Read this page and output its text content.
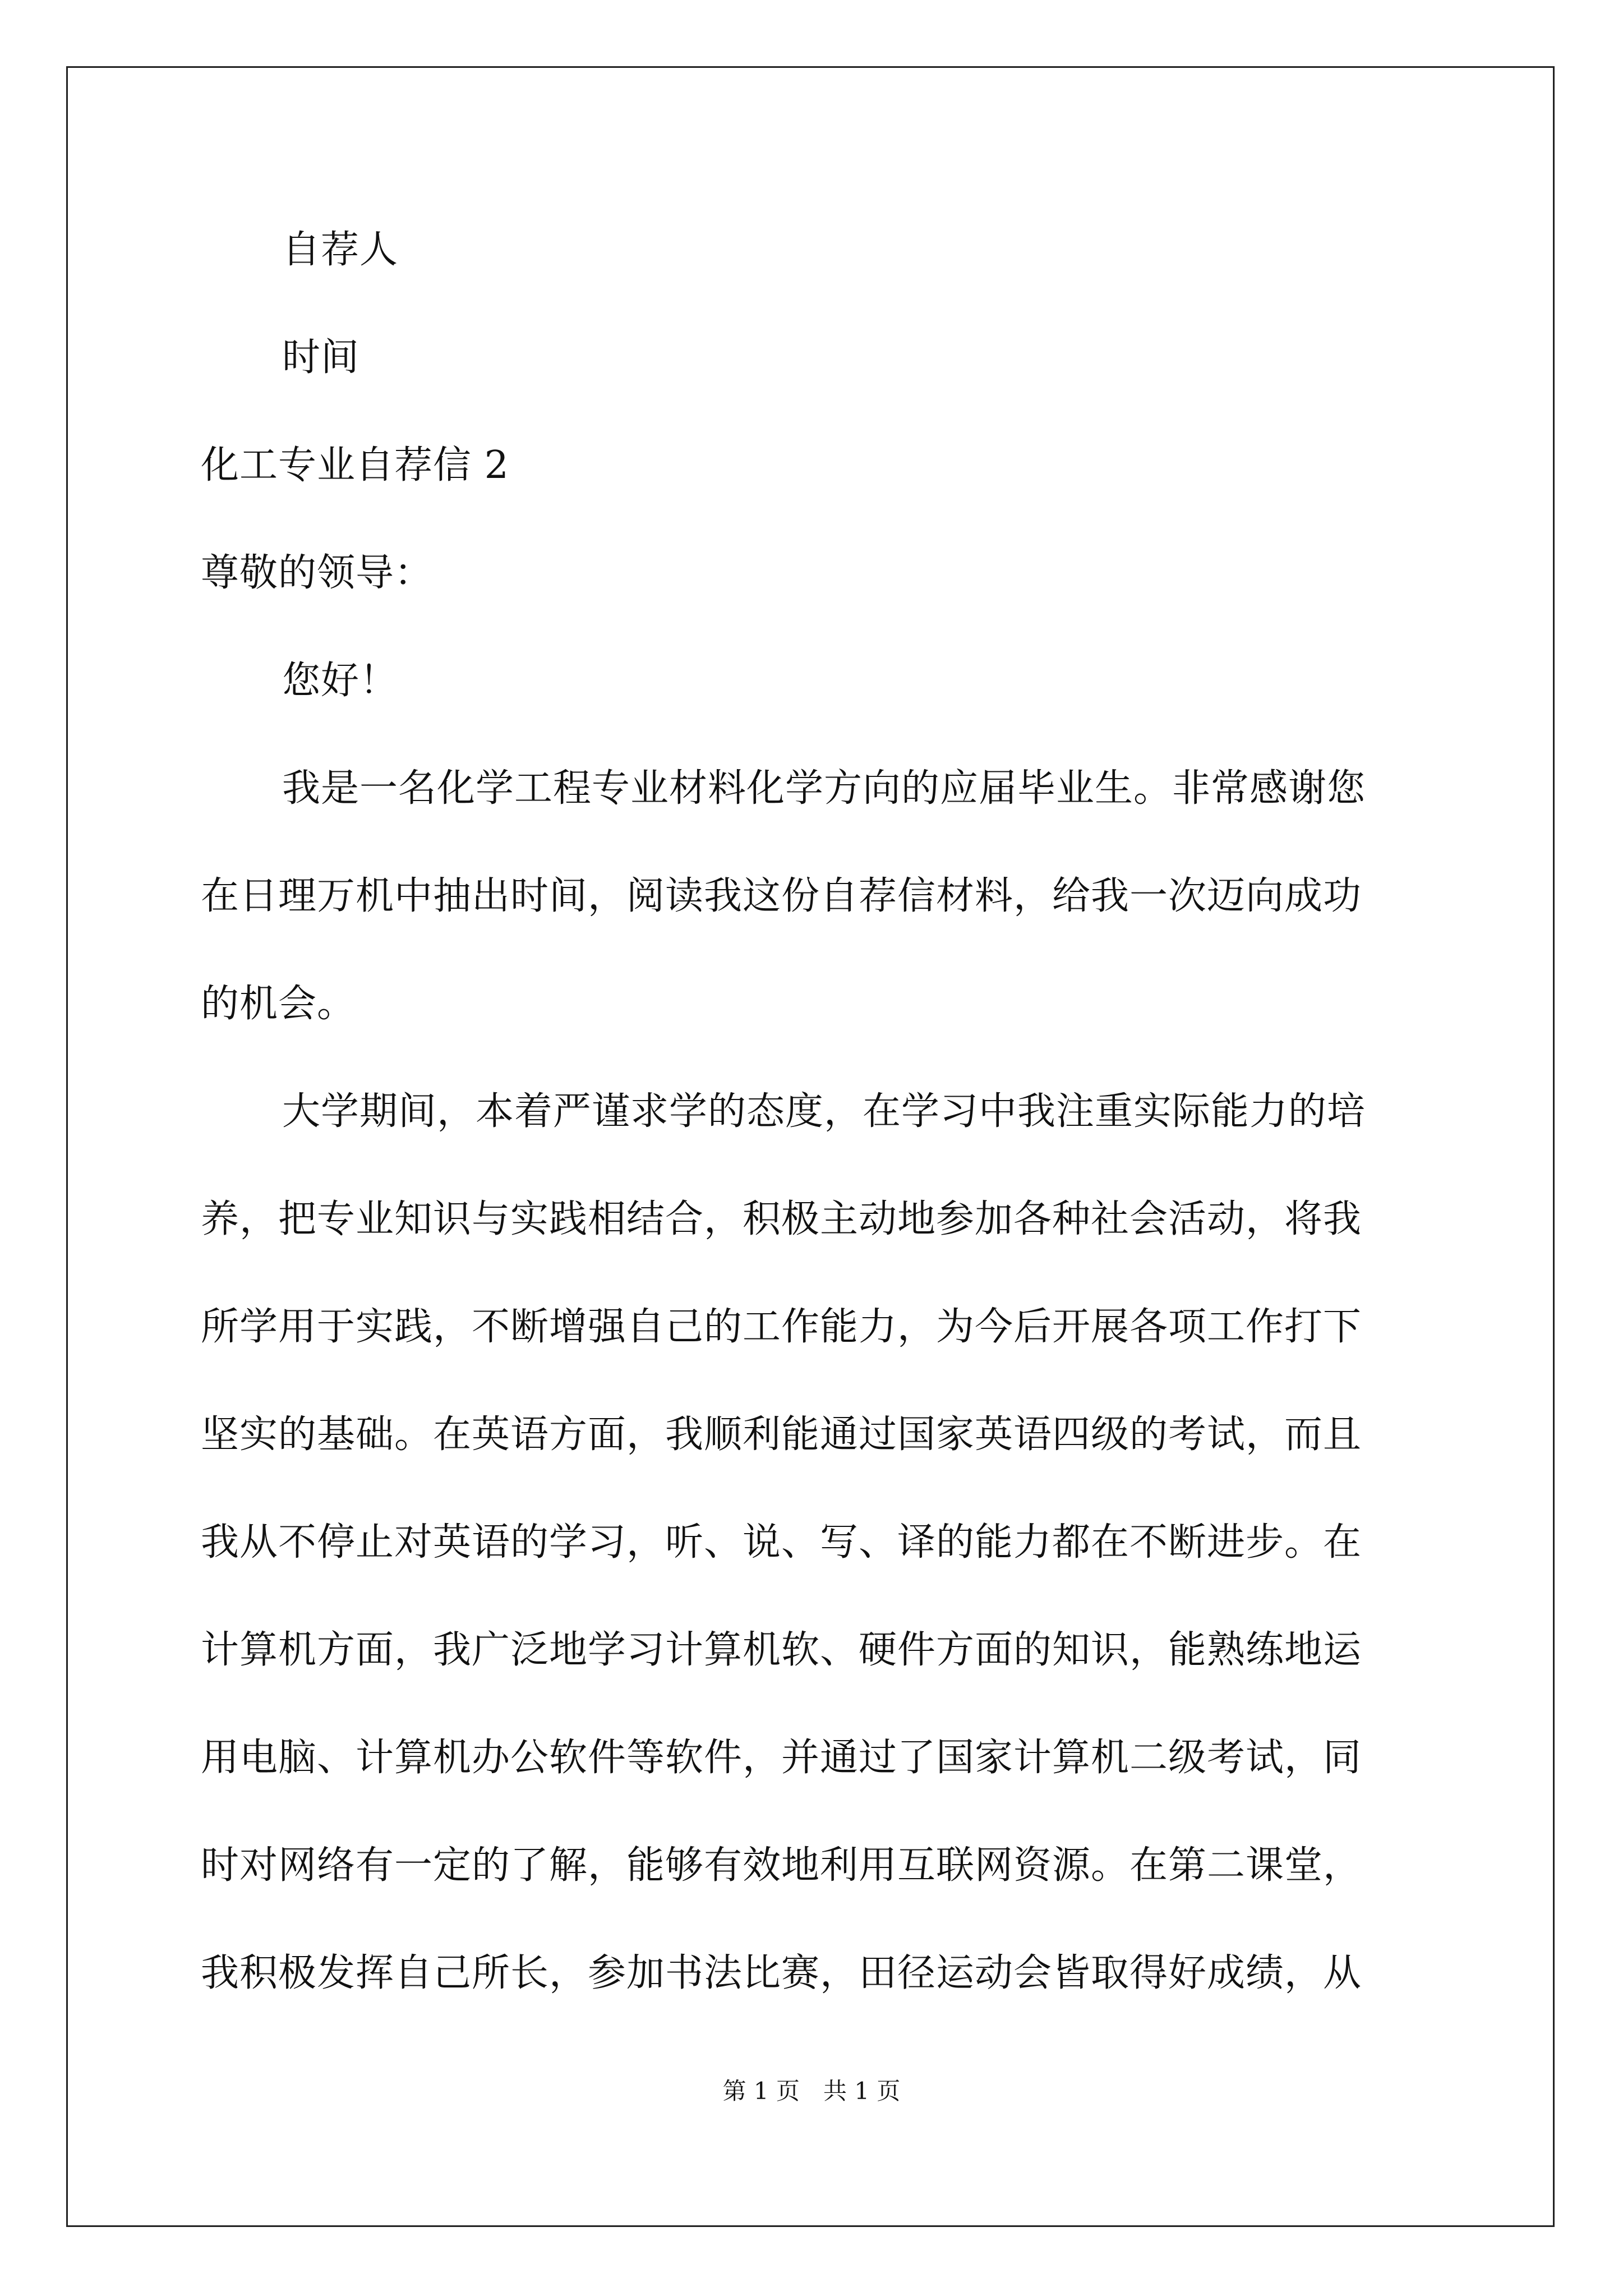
自荐人
时间
化工专业自荐信 2
尊敬的领导：
您好！
我是一名化学工程专业材料化学方向的应届毕业生。非常感谢您
在日理万机中抽出时间，阅读我这份自荐信材料，给我一次迈向成功
的机会。
大学期间，本着严谨求学的态度，在学习中我注重实际能力的培
养，把专业知识与实践相结合，积极主动地参加各种社会活动，将我
所学用于实践，不断增强自己的工作能力，为今后开展各项工作打下
坚实的基础。在英语方面，我顺利能通过国家英语四级的考试，而且
我从不停止对英语的学习，听、说、写、译的能力都在不断进步。在
计算机方面，我广泛地学习计算机软、硬件方面的知识，能熟练地运
用电脑、计算机办公软件等软件，并通过了国家计算机二级考试，同
时对网络有一定的了解，能够有效地利用互联网资源。在第二课堂，
我积极发挥自己所长，参加书法比赛，田径运动会皆取得好成绩，从
第 1 页　共 1 页
